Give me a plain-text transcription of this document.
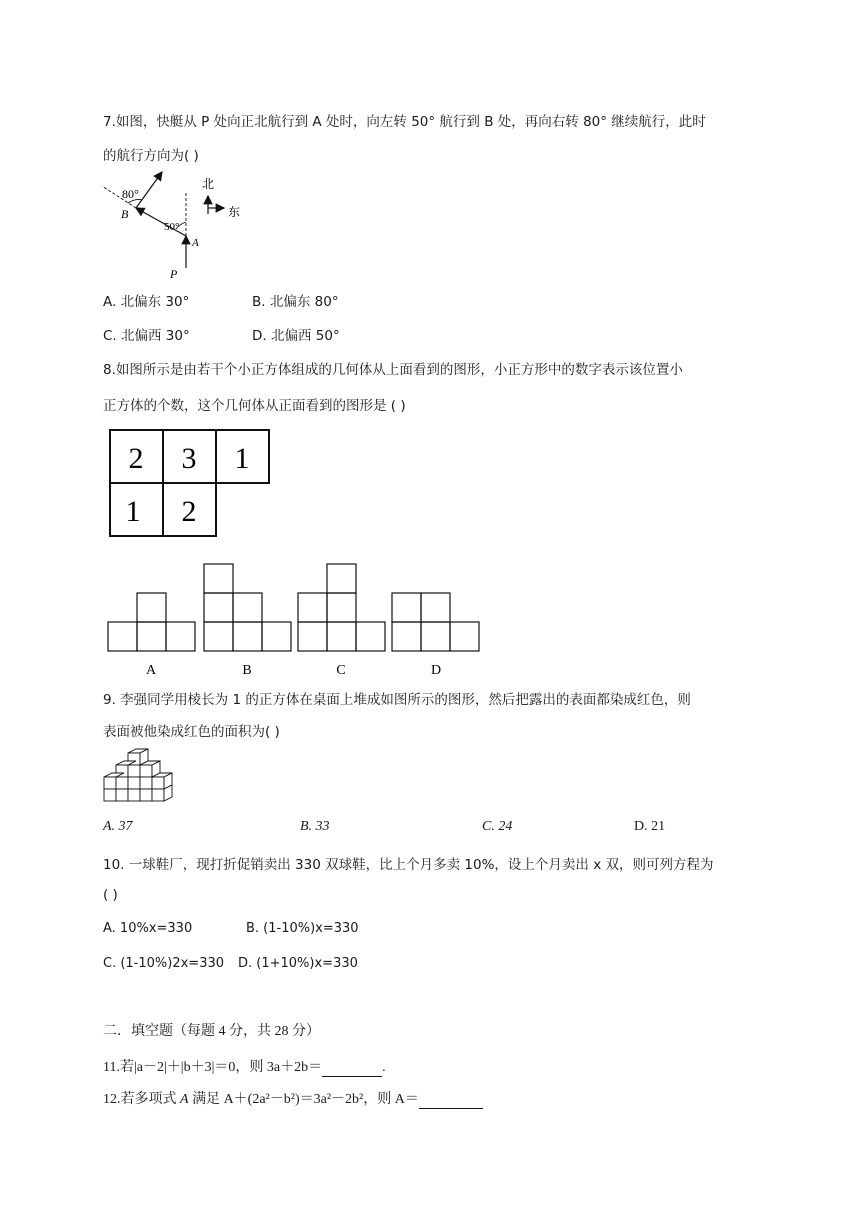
7.如图，快艇从 P 处向正北航行到 A 处时，向左转 50° 航行到 B 处，再向右转 80° 继续航行，此时
的航行方向为( )
80°
50°
B
A
P
北
东
A. 北偏东 30°	B. 北偏东 80°
C. 北偏西 30°	D. 北偏西 50°
8.如图所示是由若干个小正方体组成的几何体从上面看到的图形，小正方形中的数字表示该位置小
正方体的个数，这个几何体从正面看到的图形是 ( )
2 3 1
1 2
A	B	C	D
9. 李强同学用棱长为 1 的正方体在桌面上堆成如图所示的图形，然后把露出的表面都染成红色，则
表面被他染成红色的面积为( )
A. 37	B. 33	C. 24	D. 21
10. 一球鞋厂，现打折促销卖出 330 双球鞋，比上个月多卖 10%，设上个月卖出 x 双，则可列方程为
( )
A. 10%x=330	B. (1-10%)x=330
C. (1-10%)2x=330 D. (1+10%)x=330
二．填空题（每题 4 分，共 28 分）
11.若|a－2|＋|b＋3|＝0，则 3a＋2b＝	.
12.若多项式 A 满足 A＋(2a²－b²)＝3a²－2b²，则 A＝
